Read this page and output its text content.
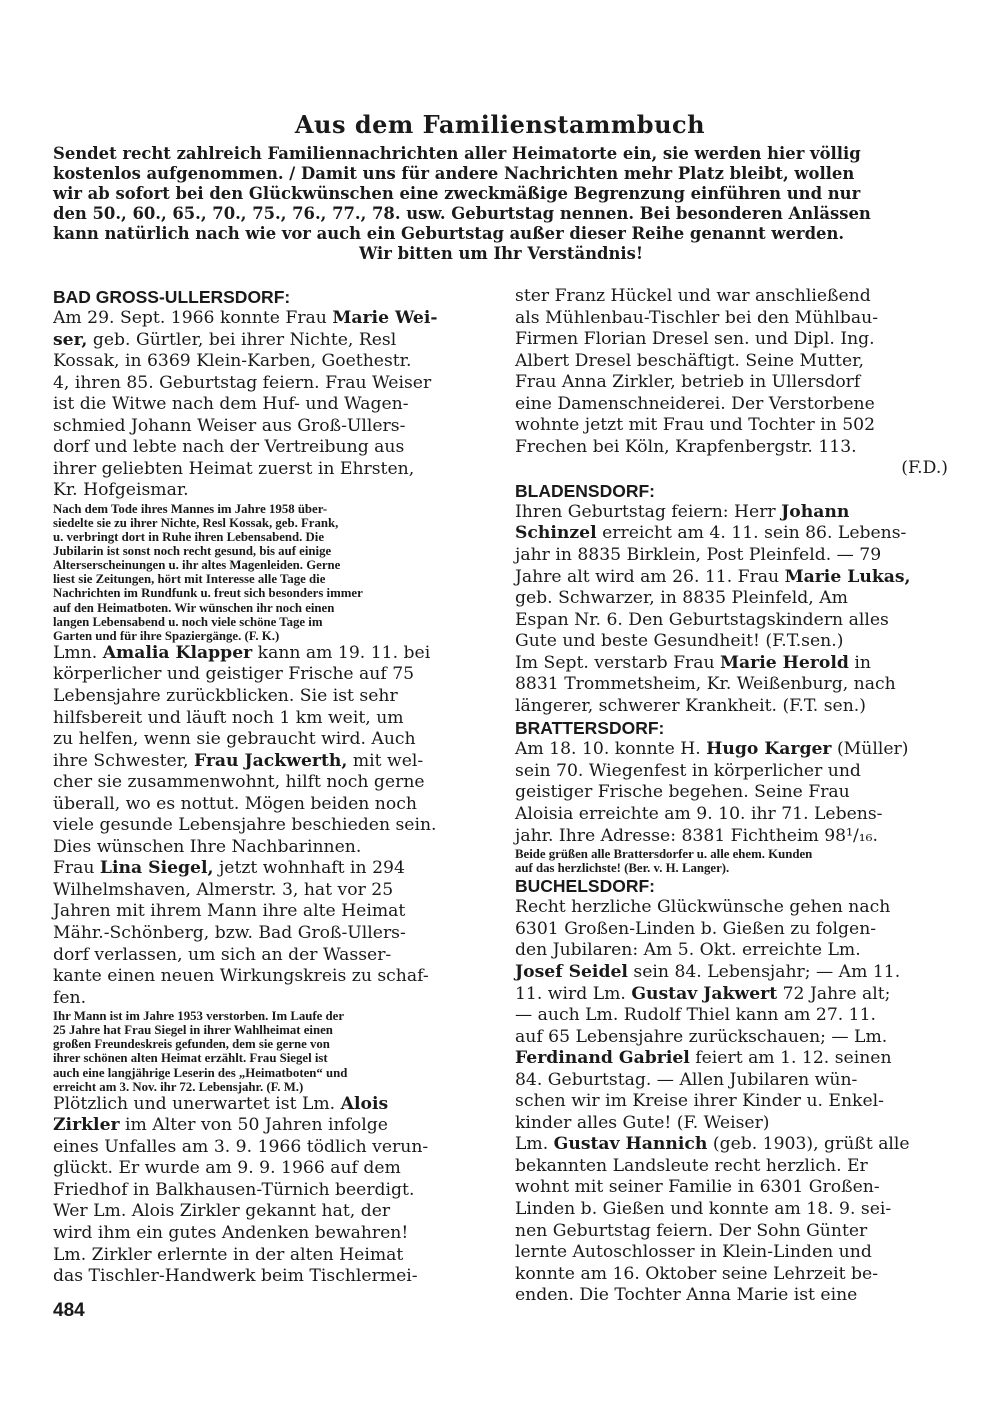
Aus dem Familienstammbuch
Sendet recht zahlreich Familiennachrichten aller Heimatorte ein, sie werden hier völlig
kostenlos aufgenommen. / Damit uns für andere Nachrichten mehr Platz bleibt, wollen
wir ab sofort bei den Glückwünschen eine zweckmäßige Begrenzung einführen und nur
den 50., 60., 65., 70., 75., 76., 77., 78. usw. Geburtstag nennen. Bei besonderen Anlässen
kann natürlich nach wie vor auch ein Geburtstag außer dieser Reihe genannt werden.
Wir bitten um Ihr Verständnis!
BAD GROSS-ULLERSDORF:
Am 29. Sept. 1966 konnte Frau Marie Wei-
ser, geb. Gürtler, bei ihrer Nichte, Resl
Kossak, in 6369 Klein-Karben, Goethestr.
4, ihren 85. Geburtstag feiern. Frau Weiser
ist die Witwe nach dem Huf- und Wagen-
schmied Johann Weiser aus Groß-Ullers-
dorf und lebte nach der Vertreibung aus
ihrer geliebten Heimat zuerst in Ehrsten,
Kr. Hofgeismar.
Nach dem Tode ihres Mannes im Jahre 1958 über-
siedelte sie zu ihrer Nichte, Resl Kossak, geb. Frank,
u. verbringt dort in Ruhe ihren Lebensabend. Die
Jubilarin ist sonst noch recht gesund, bis auf einige
Alterserscheinungen u. ihr altes Magenleiden. Gerne
liest sie Zeitungen, hört mit Interesse alle Tage die
Nachrichten im Rundfunk u. freut sich besonders immer
auf den Heimatboten. Wir wünschen ihr noch einen
langen Lebensabend u. noch viele schöne Tage im
Garten und für ihre Spaziergänge. (F. K.)
Lmn. Amalia Klapper kann am 19. 11. bei
körperlicher und geistiger Frische auf 75
Lebensjahre zurückblicken. Sie ist sehr
hilfsbereit und läuft noch 1 km weit, um
zu helfen, wenn sie gebraucht wird. Auch
ihre Schwester, Frau Jackwerth, mit wel-
cher sie zusammenwohnt, hilft noch gerne
überall, wo es nottut. Mögen beiden noch
viele gesunde Lebensjahre beschieden sein.
Dies wünschen Ihre Nachbarinnen.
Frau Lina Siegel, jetzt wohnhaft in 294
Wilhelmshaven, Almerstr. 3, hat vor 25
Jahren mit ihrem Mann ihre alte Heimat
Mähr.-Schönberg, bzw. Bad Groß-Ullers-
dorf verlassen, um sich an der Wasser-
kante einen neuen Wirkungskreis zu schaf-
fen.
Ihr Mann ist im Jahre 1953 verstorben. Im Laufe der
25 Jahre hat Frau Siegel in ihrer Wahlheimat einen
großen Freundeskreis gefunden, dem sie gerne von
ihrer schönen alten Heimat erzählt. Frau Siegel ist
auch eine langjährige Leserin des „Heimatboten“ und
erreicht am 3. Nov. ihr 72. Lebensjahr. (F. M.)
Plötzlich und unerwartet ist Lm. Alois
Zirkler im Alter von 50 Jahren infolge
eines Unfalles am 3. 9. 1966 tödlich verun-
glückt. Er wurde am 9. 9. 1966 auf dem
Friedhof in Balkhausen-Türnich beerdigt.
Wer Lm. Alois Zirkler gekannt hat, der
wird ihm ein gutes Andenken bewahren!
Lm. Zirkler erlernte in der alten Heimat
das Tischler-Handwerk beim Tischlermei-
ster Franz Hückel und war anschließend
als Mühlenbau-Tischler bei den Mühlbau-
Firmen Florian Dresel sen. und Dipl. Ing.
Albert Dresel beschäftigt. Seine Mutter,
Frau Anna Zirkler, betrieb in Ullersdorf
eine Damenschneiderei. Der Verstorbene
wohnte jetzt mit Frau und Tochter in 502
Frechen bei Köln, Krapfenbergstr. 113.
(F.D.)
BLADENSDORF:
Ihren Geburtstag feiern: Herr Johann
Schinzel erreicht am 4. 11. sein 86. Lebens-
jahr in 8835 Birklein, Post Pleinfeld. — 79
Jahre alt wird am 26. 11. Frau Marie Lukas,
geb. Schwarzer, in 8835 Pleinfeld, Am
Espan Nr. 6. Den Geburtstagskindern alles
Gute und beste Gesundheit! (F.T.sen.)
Im Sept. verstarb Frau Marie Herold in
8831 Trommetsheim, Kr. Weißenburg, nach
längerer, schwerer Krankheit. (F.T. sen.)
BRATTERSDORF:
Am 18. 10. konnte H. Hugo Karger (Müller)
sein 70. Wiegenfest in körperlicher und
geistiger Frische begehen. Seine Frau
Aloisia erreichte am 9. 10. ihr 71. Lebens-
jahr. Ihre Adresse: 8381 Fichtheim 98¹/₁₆.
Beide grüßen alle Brattersdorfer u. alle ehem. Kunden
auf das herzlichste! (Ber. v. H. Langer).
BUCHELSDORF:
Recht herzliche Glückwünsche gehen nach
6301 Großen-Linden b. Gießen zu folgen-
den Jubilaren: Am 5. Okt. erreichte Lm.
Josef Seidel sein 84. Lebensjahr; — Am 11.
11. wird Lm. Gustav Jakwert 72 Jahre alt;
— auch Lm. Rudolf Thiel kann am 27. 11.
auf 65 Lebensjahre zurückschauen; — Lm.
Ferdinand Gabriel feiert am 1. 12. seinen
84. Geburtstag. — Allen Jubilaren wün-
schen wir im Kreise ihrer Kinder u. Enkel-
kinder alles Gute! (F. Weiser)
Lm. Gustav Hannich (geb. 1903), grüßt alle
bekannten Landsleute recht herzlich. Er
wohnt mit seiner Familie in 6301 Großen-
Linden b. Gießen und konnte am 18. 9. sei-
nen Geburtstag feiern. Der Sohn Günter
lernte Autoschlosser in Klein-Linden und
konnte am 16. Oktober seine Lehrzeit be-
enden. Die Tochter Anna Marie ist eine
484
